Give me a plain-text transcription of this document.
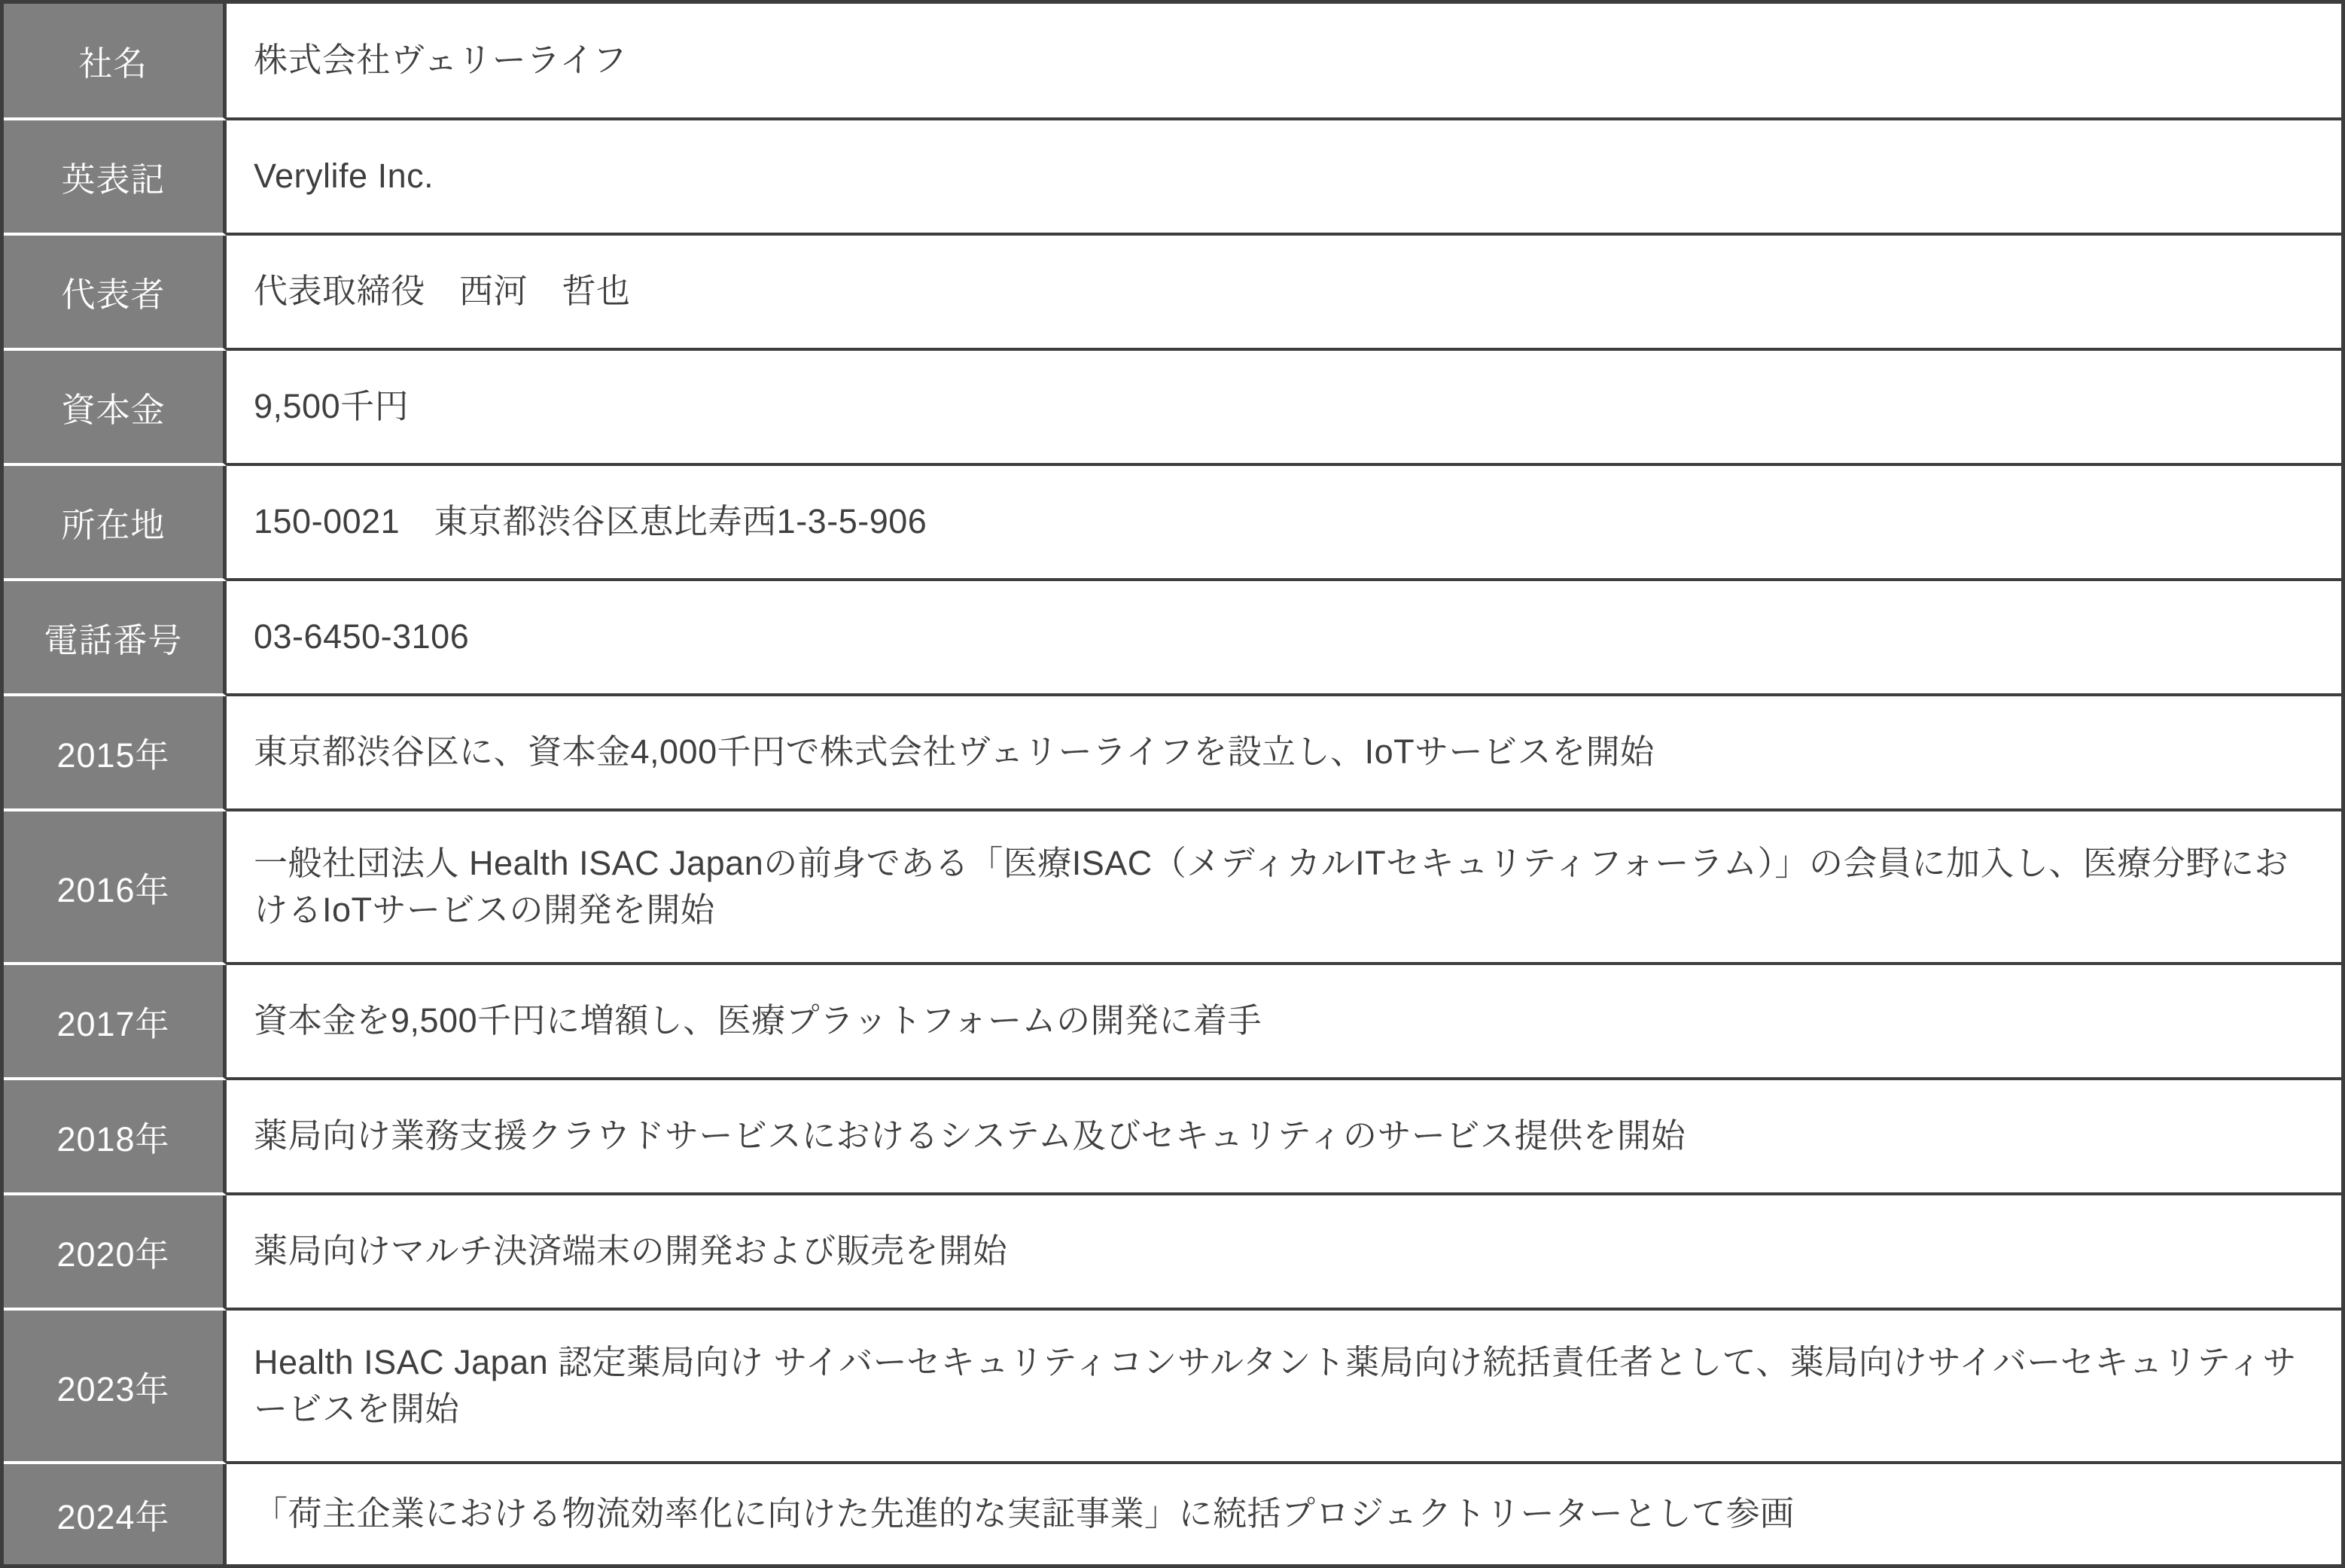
社名	株式会社ヴェリーライフ
英表記	Verylife Inc.
代表者	代表取締役　西河　哲也
資本金	9,500千円
所在地	150-0021　東京都渋谷区恵比寿西1-3-5-906
電話番号	03-6450-3106
2015年	東京都渋谷区に、資本金4,000千円で株式会社ヴェリーライフを設立し、IoTサービスを開始
2016年	一般社団法人 Health ISAC Japanの前身である「医療ISAC（メディカルITセキュリティフォーラム）」の会員に加入し、医療分野におけるIoTサービスの開発を開始
2017年	資本金を9,500千円に増額し、医療プラットフォームの開発に着手
2018年	薬局向け業務支援クラウドサービスにおけるシステム及びセキュリティのサービス提供を開始
2020年	薬局向けマルチ決済端末の開発および販売を開始
2023年	Health ISAC Japan 認定薬局向け サイバーセキュリティコンサルタント薬局向け統括責任者として、薬局向けサイバーセキュリティサービスを開始
2024年	「荷主企業における物流効率化に向けた先進的な実証事業」に統括プロジェクトリーターとして参画
